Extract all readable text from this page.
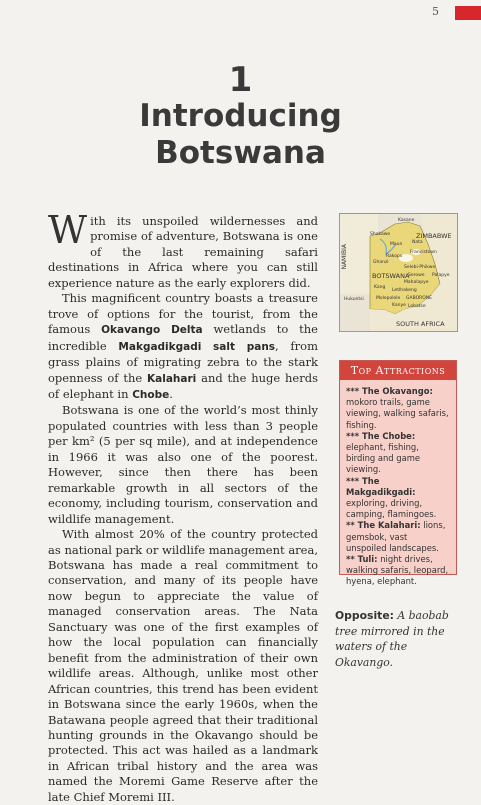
5
1
Introducing
Botswana

With its unspoiled wildernesses and promise of adventure, Botswana is one of the last remaining safari destinations in Africa where you can still experience nature as the early explorers did.

This magnificent country boasts a treasure trove of options for the tourist, from the famous Okavango Delta wetlands to the incredible Makgadikgadi salt pans, from grass plains of migrating zebra to the stark openness of the Kalahari and the huge herds of elephant in Chobe.

Botswana is one of the world’s most thinly populated countries with less than 3 people per km² (5 per sq mile), and at independence in 1966 it was also one of the poorest. However, since then there has been remarkable growth in all sectors of the economy, including tourism, conservation and wildlife management.

With almost 20% of the country protected as national park or wildlife management area, Botswana has made a real commitment to conservation, and many of its people have now begun to appreciate the value of managed conservation areas. The Nata Sanctuary was one of the first examples of how the local population can financially benefit from the administration of their own wildlife areas. Although, unlike most other African countries, this trend has been evident in Botswana since the early 1960s, when the Batawana people agreed that their traditional hunting grounds in the Okavango should be protected. This act was hailed as a landmark in African tribal history and the area was named the Moremi Game Reserve after the late Chief Moremi III.

NAMIBIA
ZIMBABWE
SOUTH AFRICA
BOTSWANA
Kasane
Shakawe
Maun Nata
Rakops
Francistown
Ghanzi
Selebi-Phikwe
Serowe Palapye
Mahalapye
Kang
Letlhakeng
Hukuntsi	Molepolole GABORONE
Kanye Lobatse
Top Attractions
*** The Okavango: mokoro trails, game viewing, walking safaris, fishing.
*** The Chobe: elephant, fishing, birding and game viewing.
*** The Makgadikgadi: exploring, driving, camping, flamingoes.
** The Kalahari: lions, gemsbok, vast unspoiled landscapes.
** Tuli: night drives, walking safaris, leopard, hyena, elephant.
Opposite: A baobab tree mirrored in the waters of the Okavango.
